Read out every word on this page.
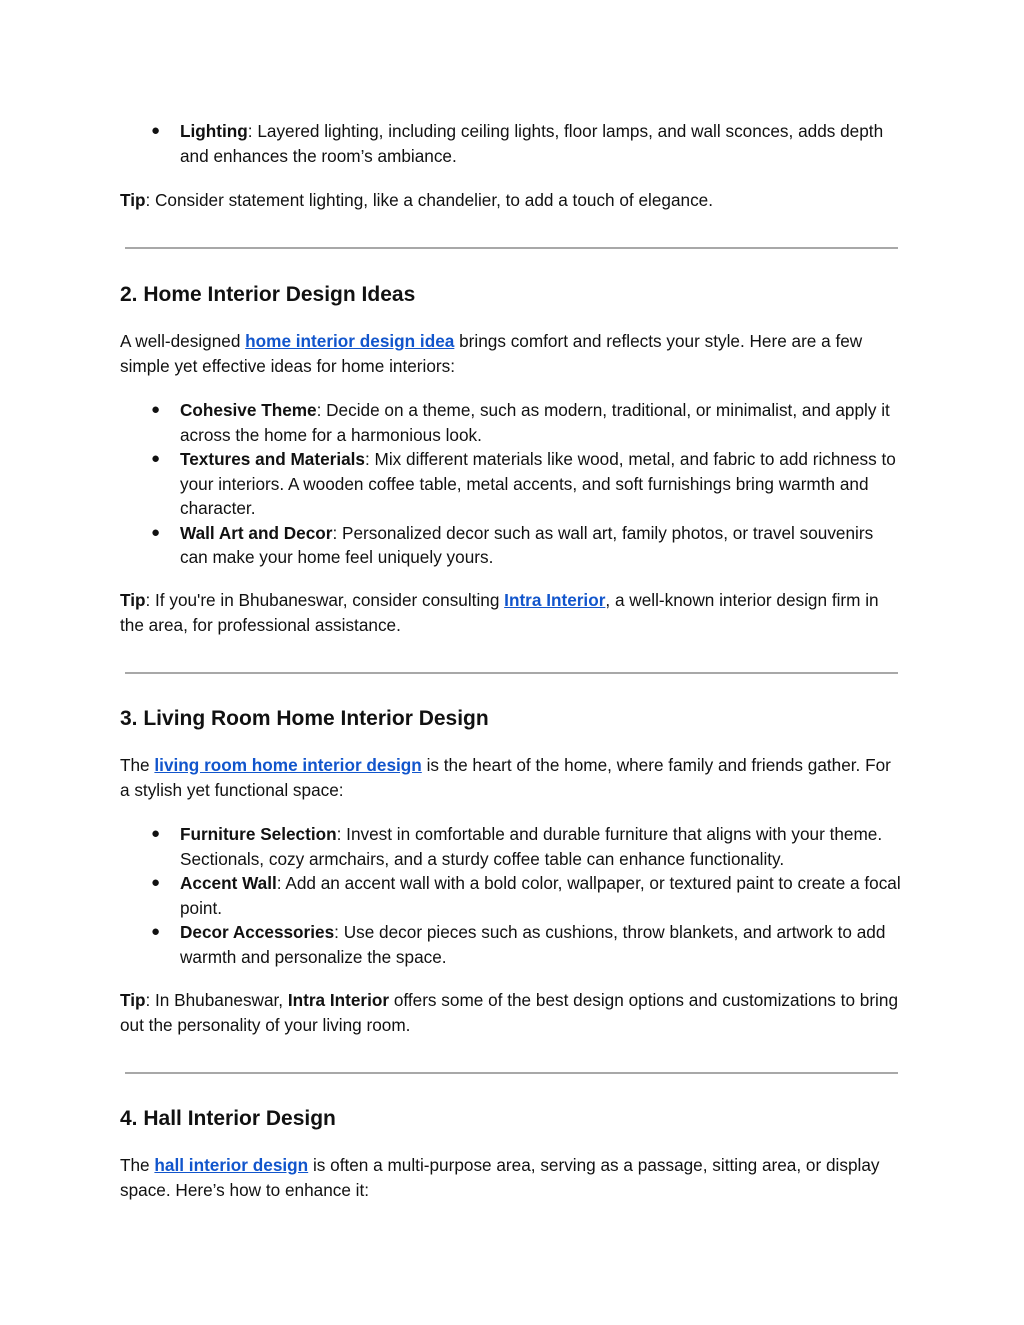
● Lighting: Layered lighting, including ceiling lights, floor lamps, and wall sconces, adds depth and enhances the room’s ambiance.

Tip: Consider statement lighting, like a chandelier, to add a touch of elegance.

2. Home Interior Design Ideas

A well-designed home interior design idea brings comfort and reflects your style. Here are a few simple yet effective ideas for home interiors:

● Cohesive Theme: Decide on a theme, such as modern, traditional, or minimalist, and apply it across the home for a harmonious look.
● Textures and Materials: Mix different materials like wood, metal, and fabric to add richness to your interiors. A wooden coffee table, metal accents, and soft furnishings bring warmth and character.
● Wall Art and Decor: Personalized decor such as wall art, family photos, or travel souvenirs can make your home feel uniquely yours.

Tip: If you're in Bhubaneswar, consider consulting Intra Interior, a well-known interior design firm in the area, for professional assistance.

3. Living Room Home Interior Design

The living room home interior design is the heart of the home, where family and friends gather. For a stylish yet functional space:

● Furniture Selection: Invest in comfortable and durable furniture that aligns with your theme. Sectionals, cozy armchairs, and a sturdy coffee table can enhance functionality.
● Accent Wall: Add an accent wall with a bold color, wallpaper, or textured paint to create a focal point.
● Decor Accessories: Use decor pieces such as cushions, throw blankets, and artwork to add warmth and personalize the space.

Tip: In Bhubaneswar, Intra Interior offers some of the best design options and customizations to bring out the personality of your living room.

4. Hall Interior Design

The hall interior design is often a multi-purpose area, serving as a passage, sitting area, or display space. Here’s how to enhance it:
